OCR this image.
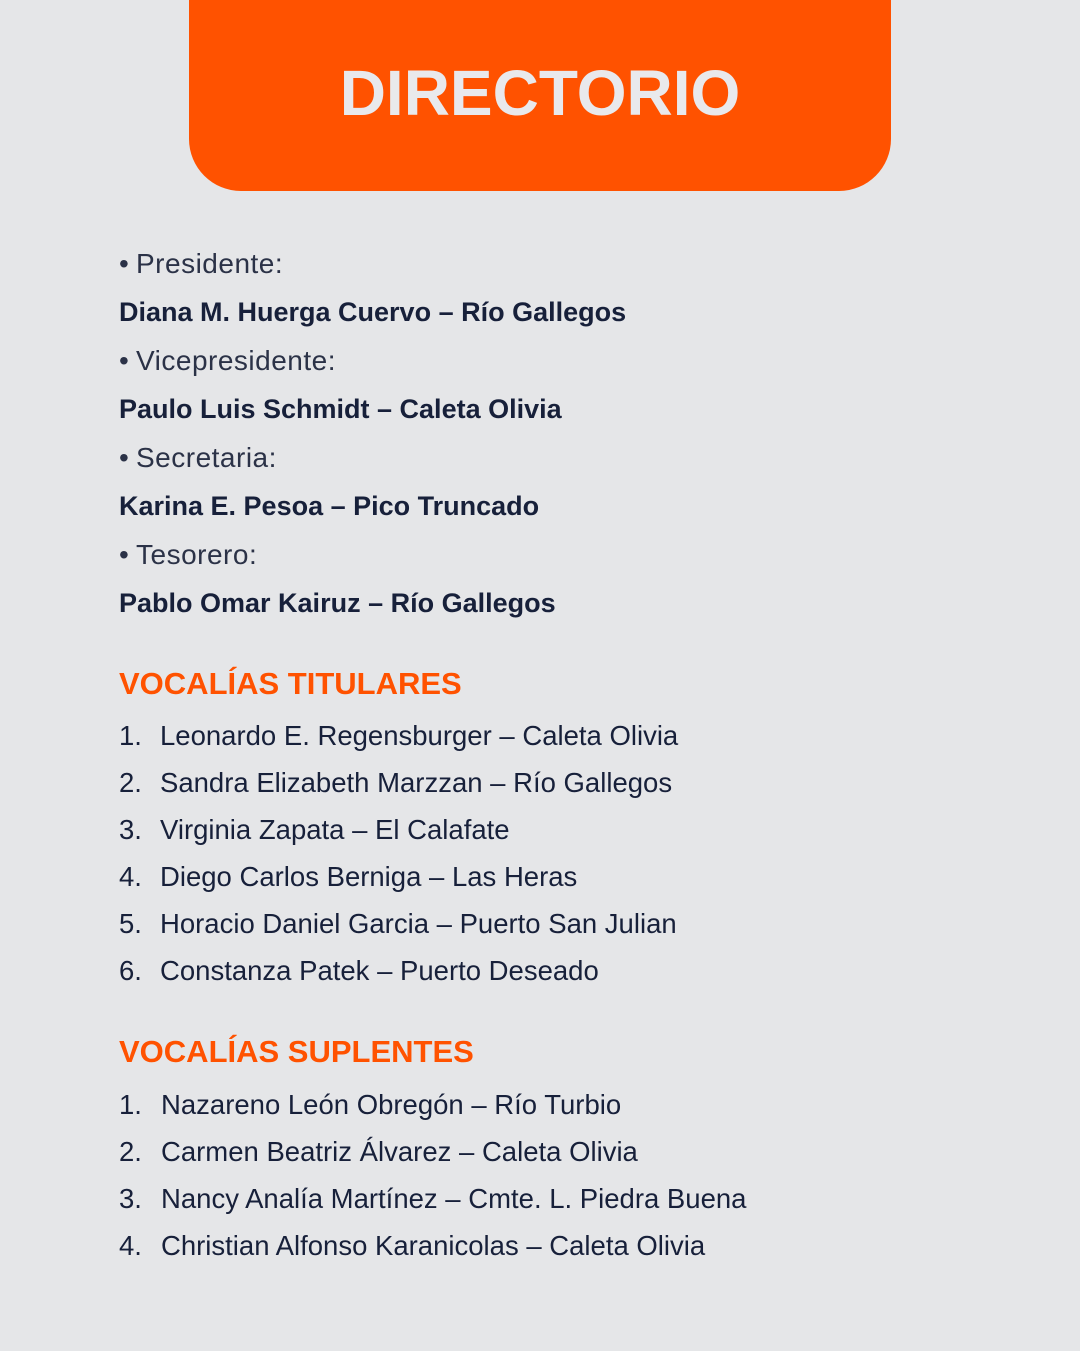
DIRECTORIO
• Presidente:
Diana M. Huerga Cuervo – Río Gallegos
• Vicepresidente:
Paulo Luis Schmidt – Caleta Olivia
• Secretaria:
Karina E. Pesoa – Pico Truncado
• Tesorero:
Pablo Omar Kairuz – Río Gallegos
VOCALÍAS TITULARES
1. Leonardo E. Regensburger – Caleta Olivia
2. Sandra Elizabeth Marzzan – Río Gallegos
3. Virginia Zapata – El Calafate
4. Diego Carlos Berniga – Las Heras
5. Horacio Daniel Garcia – Puerto San Julian
6. Constanza Patek – Puerto Deseado
VOCALÍAS SUPLENTES
1. Nazareno León Obregón – Río Turbio
2. Carmen Beatriz Álvarez – Caleta Olivia
3. Nancy Analía Martínez – Cmte. L. Piedra Buena
4. Christian Alfonso Karanicolas – Caleta Olivia
